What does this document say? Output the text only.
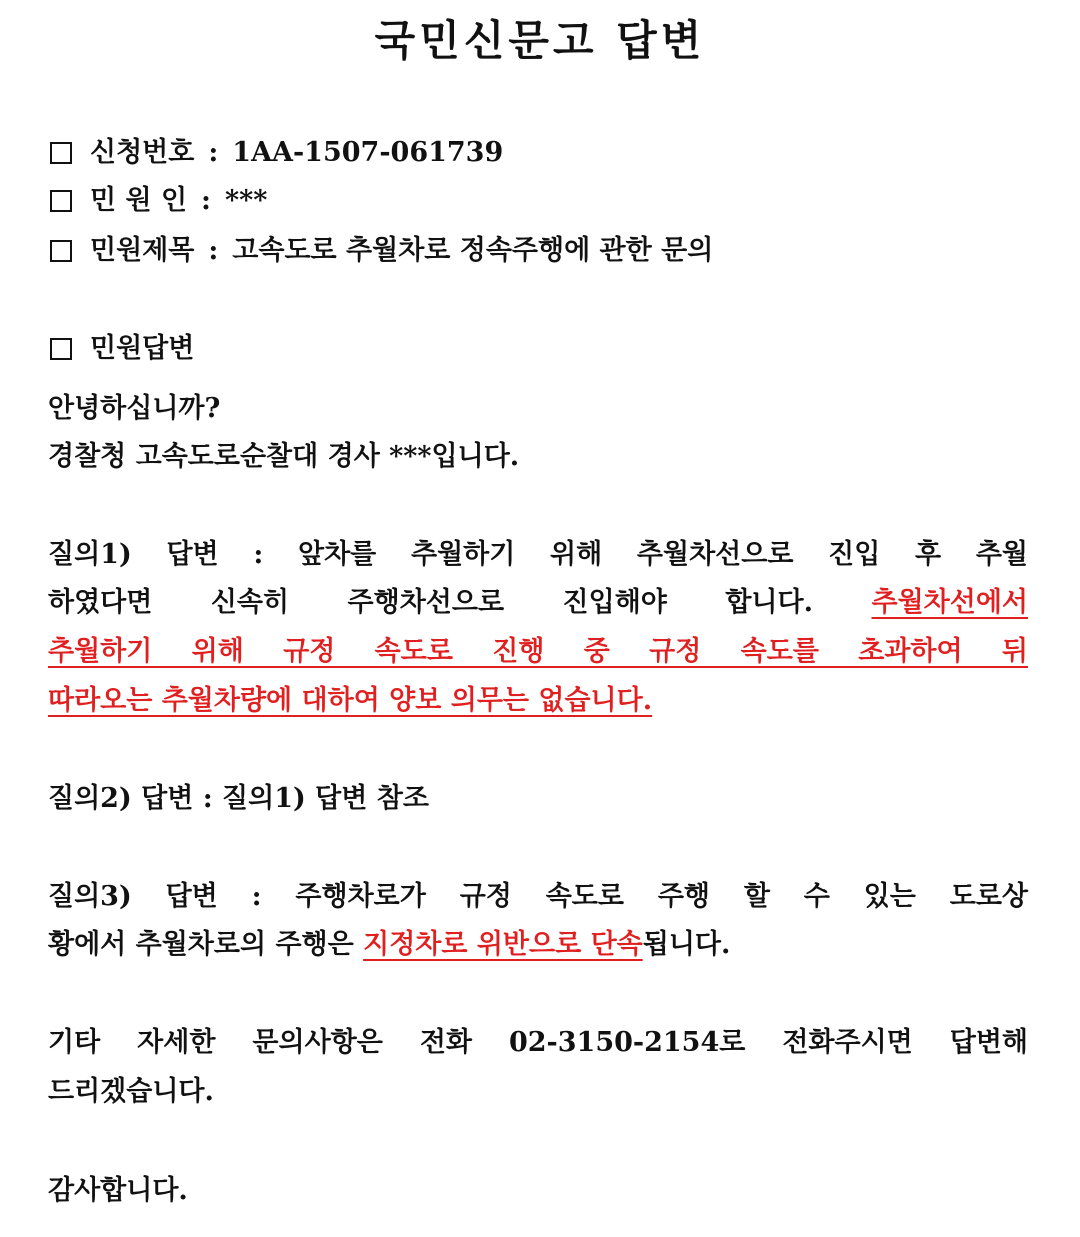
국민신문고 답변
신청번호 : 1AA-1507-061739
민 원 인 : ***
민원제목 : 고속도로 추월차로 정속주행에 관한 문의
민원답변
안녕하십니까?
경찰청 고속도로순찰대 경사 ***입니다.
질의1) 답변 : 앞차를 추월하기 위해 추월차선으로 진입 후 추월
하였다면 신속히 주행차선으로 진입해야 합니다. 추월차선에서
추월하기 위해 규정 속도로 진행 중 규정 속도를 초과하여 뒤
따라오는 추월차량에 대하여 양보 의무는 없습니다.
질의2) 답변 : 질의1) 답변 참조
질의3) 답변 : 주행차로가 규정 속도로 주행 할 수 있는 도로상
황에서 추월차로의 주행은 지정차로 위반으로 단속됩니다.
기타 자세한 문의사항은 전화 02-3150-2154로 전화주시면 답변해
드리겠습니다.
감사합니다.
